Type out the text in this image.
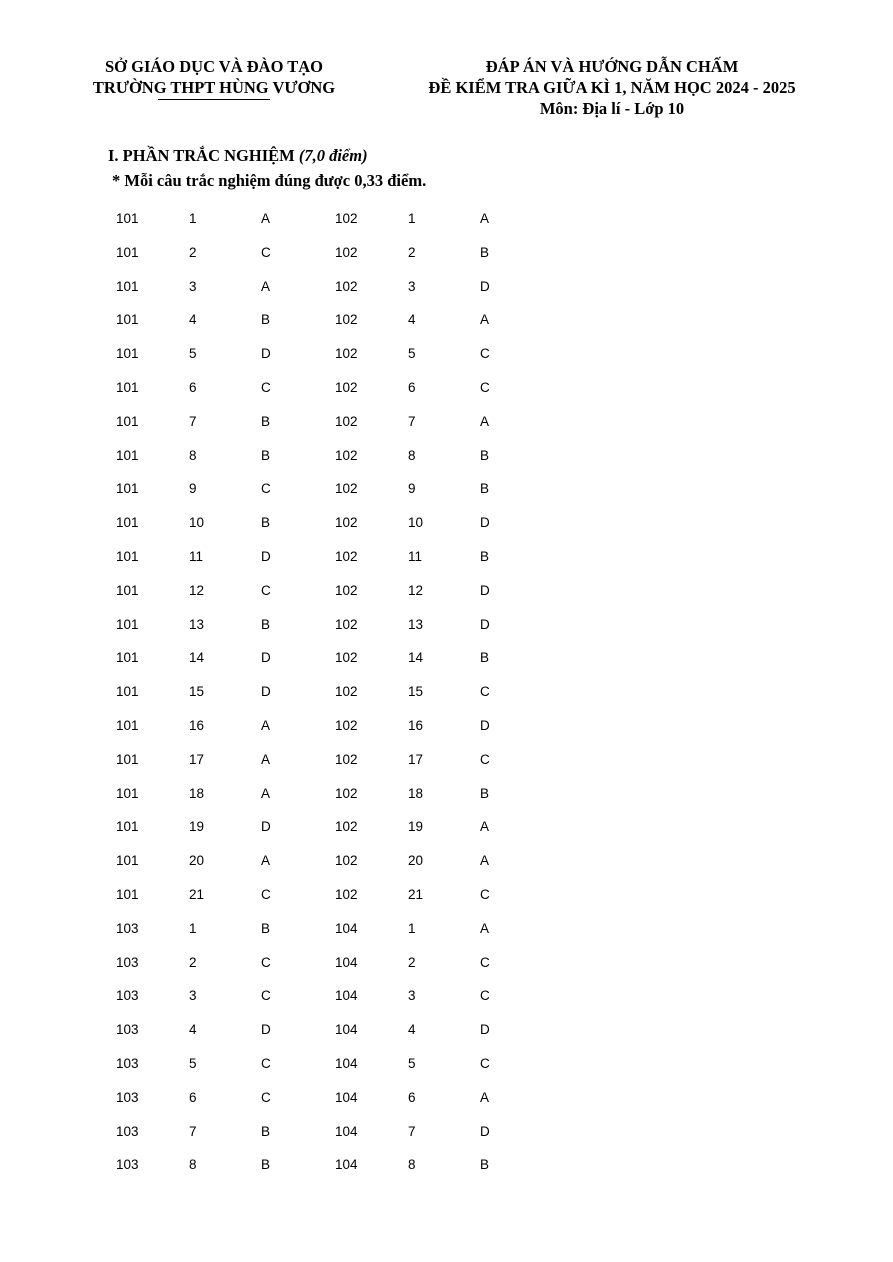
SỞ GIÁO DỤC VÀ ĐÀO TẠO
TRƯỜNG THPT HÙNG VƯƠNG
ĐÁP ÁN VÀ HƯỚNG DẪN CHẤM
ĐỀ KIỂM TRA GIỮA KÌ 1, NĂM HỌC 2024 - 2025
Môn: Địa lí - Lớp 10
I. PHẦN TRẮC NGHIỆM (7,0 điểm)
* Mỗi câu trắc nghiệm đúng được 0,33 điểm.
101	1	A	102	1	A
101	2	C	102	2	B
101	3	A	102	3	D
101	4	B	102	4	A
101	5	D	102	5	C
101	6	C	102	6	C
101	7	B	102	7	A
101	8	B	102	8	B
101	9	C	102	9	B
101	10	B	102	10	D
101	11	D	102	11	B
101	12	C	102	12	D
101	13	B	102	13	D
101	14	D	102	14	B
101	15	D	102	15	C
101	16	A	102	16	D
101	17	A	102	17	C
101	18	A	102	18	B
101	19	D	102	19	A
101	20	A	102	20	A
101	21	C	102	21	C
103	1	B	104	1	A
103	2	C	104	2	C
103	3	C	104	3	C
103	4	D	104	4	D
103	5	C	104	5	C
103	6	C	104	6	A
103	7	B	104	7	D
103	8	B	104	8	B
